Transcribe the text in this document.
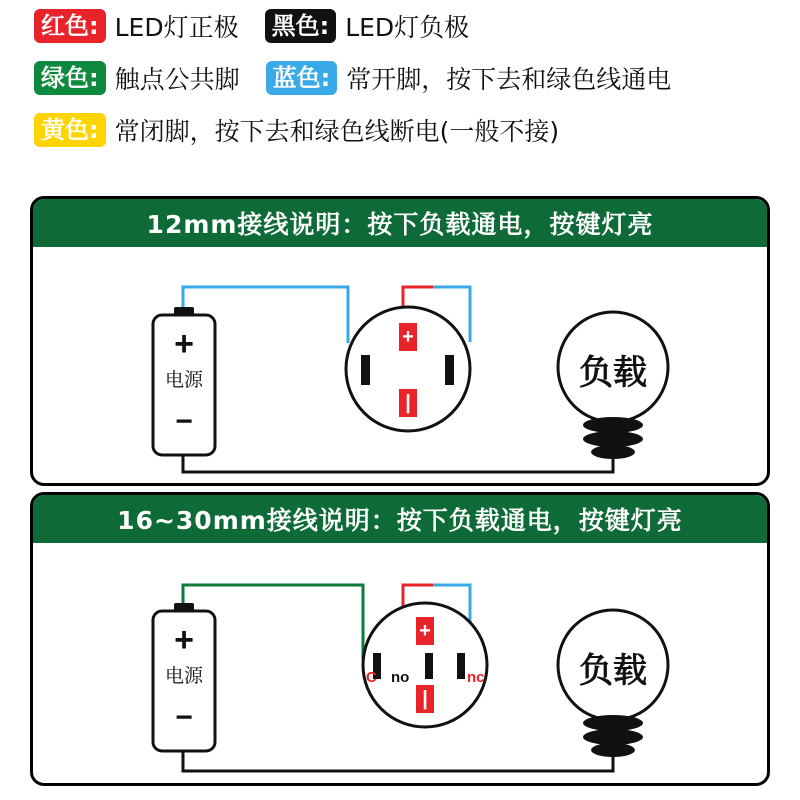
红色: LED灯正极 黑色: LED灯负极
绿色: 触点公共脚 蓝色: 常开脚，按下去和绿色线通电
黄色: 常闭脚，按下去和绿色线断电(一般不接)
12mm接线说明：按下负载通电，按键灯亮
+
电源
−
+
|
负载
16~30mm接线说明：按下负载通电，按键灯亮
+
电源
−
+
|
C no	nc	负载
